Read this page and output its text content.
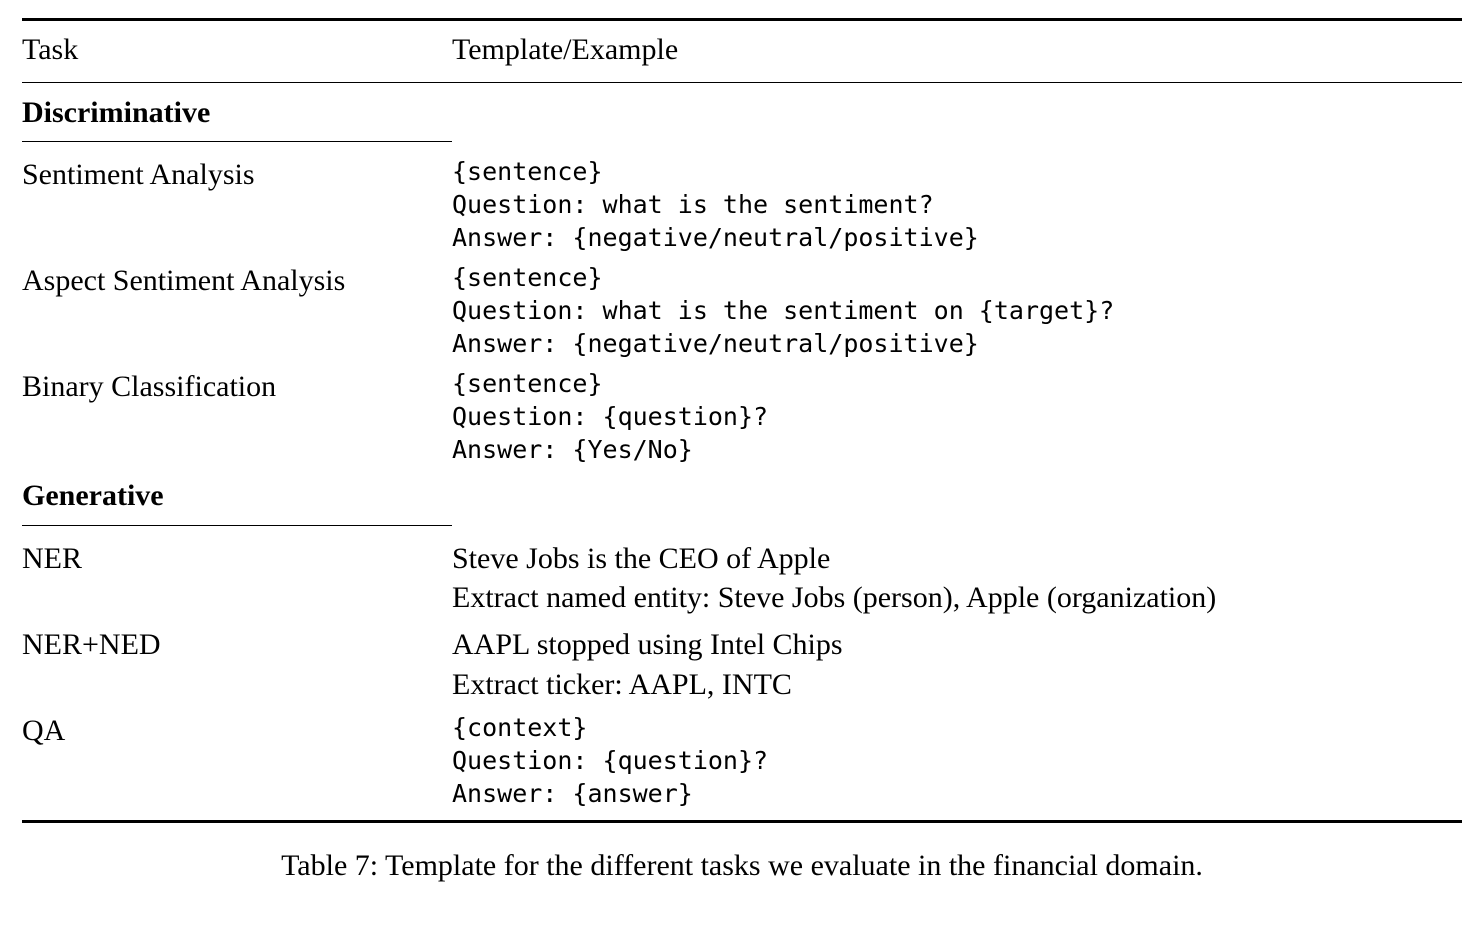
Task	Template/Example
Discriminative

Sentiment Analysis	{sentence}
Question: what is the sentiment?
Answer: {negative/neutral/positive}

Aspect Sentiment Analysis	{sentence}
Question: what is the sentiment on {target}?
Answer: {negative/neutral/positive}

Binary Classification	{sentence}
Question: {question}?
Answer: {Yes/No}

Generative

NER	Steve Jobs is the CEO of Apple
Extract named entity: Steve Jobs (person), Apple (organization)

NER+NED	AAPL stopped using Intel Chips
Extract ticker: AAPL, INTC

QA	{context}
Question: {question}?
Answer: {answer}

Table 7: Template for the different tasks we evaluate in the financial domain.
